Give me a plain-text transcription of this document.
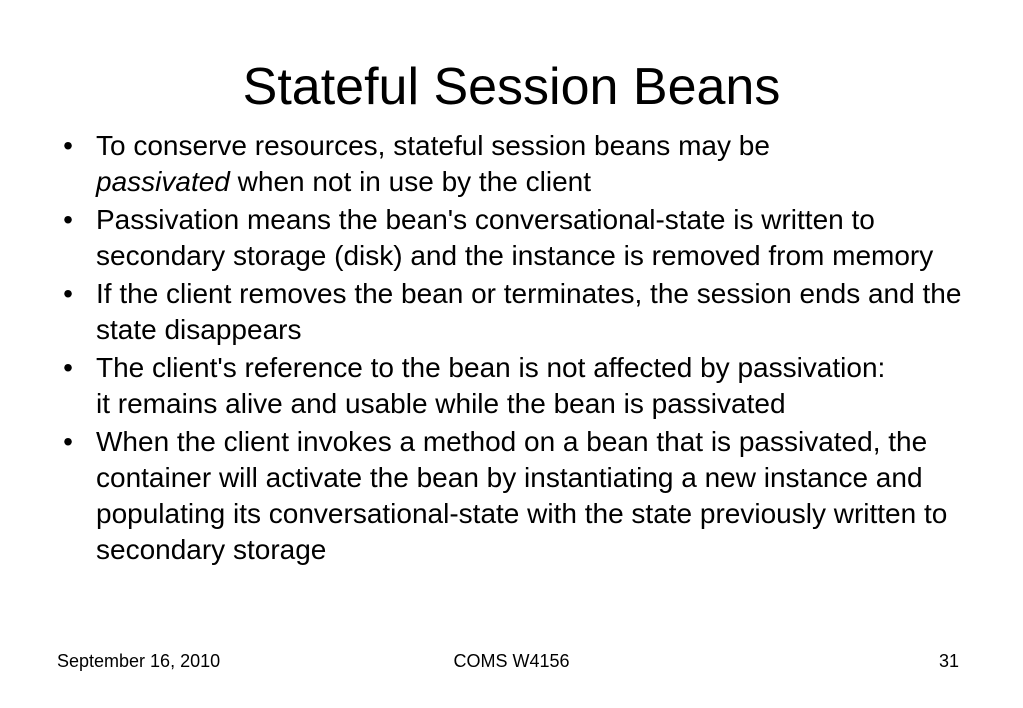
Stateful Session Beans
• To conserve resources, stateful session beans may be
passivated when not in use by the client
• Passivation means the bean's conversational-state is written to secondary storage (disk) and the instance is removed from memory
• If the client removes the bean or terminates, the session ends and the state disappears
• The client's reference to the bean is not affected by passivation: it remains alive and usable while the bean is passivated
• When the client invokes a method on a bean that is passivated, the container will activate the bean by instantiating a new instance and populating its conversational-state with the state previously written to secondary storage
September 16, 2010	COMS W4156	31
